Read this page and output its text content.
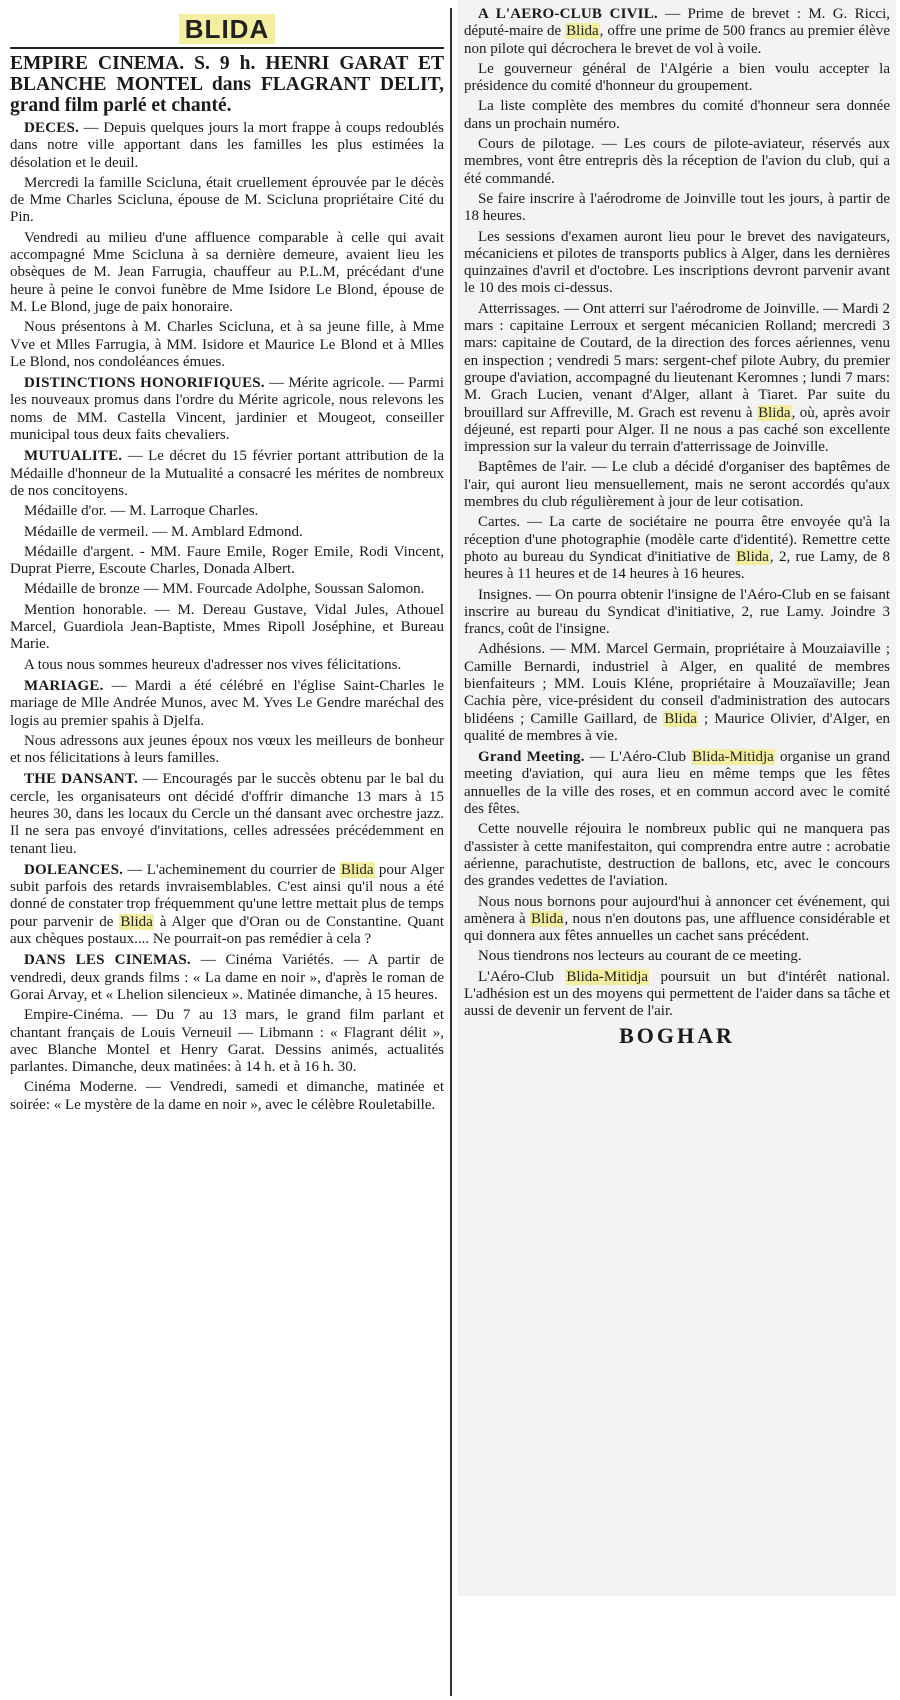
BLIDA
EMPIRE CINEMA. S. 9 h. HENRI GARAT ET BLANCHE MONTEL dans FLAGRANT DELIT, grand film parlé et chanté.
DECES. — Depuis quelques jours la mort frappe à coups redoublés dans notre ville apportant dans les familles les plus estimées la désolation et le deuil.
Mercredi la famille Scicluna, était cruellement éprouvée par le décès de Mme Charles Scicluna, épouse de M. Scicluna propriétaire Cité du Pin.
Vendredi au milieu d'une affluence comparable à celle qui avait accompagné Mme Scicluna à sa dernière demeure, avaient lieu les obsèques de M. Jean Farrugia, chauffeur au P.L.M, précédant d'une heure à peine le convoi funèbre de Mme Isidore Le Blond, épouse de M. Le Blond, juge de paix honoraire.
Nous présentons à M. Charles Scicluna, et à sa jeune fille, à Mme Vve et Mlles Farrugia, à MM. Isidore et Maurice Le Blond et à Mlles Le Blond, nos condoléances émues.
DISTINCTIONS HONORIFIQUES. — Mérite agricole. — Parmi les nouveaux promus dans l'ordre du Mérite agricole, nous relevons les noms de MM. Castella Vincent, jardinier et Mougeot, conseiller municipal tous deux faits chevaliers.
MUTUALITE. — Le décret du 15 février portant attribution de la Médaille d'honneur de la Mutualité a consacré les mérites de nombreux de nos concitoyens.
Médaille d'or. — M. Larroque Charles.
Médaille de vermeil. — M. Amblard Edmond.
Médaille d'argent. - MM. Faure Emile, Roger Emile, Rodi Vincent, Duprat Pierre, Escoute Charles, Donada Albert.
Médaille de bronze — MM. Fourcade Adolphe, Soussan Salomon.
Mention honorable. — M. Dereau Gustave, Vidal Jules, Athouel Marcel, Guardiola Jean-Baptiste, Mmes Ripoll Joséphine, et Bureau Marie.
A tous nous sommes heureux d'adresser nos vives félicitations.
MARIAGE. — Mardi a été célébré en l'église Saint-Charles le mariage de Mlle Andrée Munos, avec M. Yves Le Gendre maréchal des logis au premier spahis à Djelfa.
Nous adressons aux jeunes époux nos vœux les meilleurs de bonheur et nos félicitations à leurs familles.
THE DANSANT. — Encouragés par le succès obtenu par le bal du cercle, les organisateurs ont décidé d'offrir dimanche 13 mars à 15 heures 30, dans les locaux du Cercle un thé dansant avec orchestre jazz. Il ne sera pas envoyé d'invitations, celles adressées précédemment en tenant lieu.
DOLEANCES. — L'acheminement du courrier de Blida pour Alger subit parfois des retards invraisemblables. C'est ainsi qu'il nous a été donné de constater trop fréquemment qu'une lettre mettait plus de temps pour parvenir de Blida à Alger que d'Oran ou de Constantine. Quant aux chèques postaux.... Ne pourrait-on pas remédier à cela ?
DANS LES CINEMAS. — Cinéma Variétés. — A partir de vendredi, deux grands films : « La dame en noir », d'après le roman de Gorai Arvay, et « Lhelion silencieux ». Matinée dimanche, à 15 heures.
Empire-Cinéma. — Du 7 au 13 mars, le grand film parlant et chantant français de Louis Verneuil — Libmann : « Flagrant délit », avec Blanche Montel et Henry Garat. Dessins animés, actualités parlantes. Dimanche, deux matinées: à 14 h. et à 16 h. 30.
Cinéma Moderne. — Vendredi, samedi et dimanche, matinée et soirée: « Le mystère de la dame en noir », avec le célèbre Rouletabille.
A L'AERO-CLUB CIVIL. — Prime de brevet : M. G. Ricci, député-maire de Blida, offre une prime de 500 francs au premier élève non pilote qui décrochera le brevet de vol à voile.
Le gouverneur général de l'Algérie a bien voulu accepter la présidence du comité d'honneur du groupement.
La liste complète des membres du comité d'honneur sera donnée dans un prochain numéro.
Cours de pilotage. — Les cours de pilote-aviateur, réservés aux membres, vont être entrepris dès la réception de l'avion du club, qui a été commandé.
Se faire inscrire à l'aérodrome de Joinville tout les jours, à partir de 18 heures.
Les sessions d'examen auront lieu pour le brevet des navigateurs, mécaniciens et pilotes de transports publics à Alger, dans les dernières quinzaines d'avril et d'octobre. Les inscriptions devront parvenir avant le 10 des mois ci-dessus.
Atterrissages. — Ont atterri sur l'aérodrome de Joinville. — Mardi 2 mars : capitaine Lerroux et sergent mécanicien Rolland; mercredi 3 mars: capitaine de Coutard, de la direction des forces aériennes, venu en inspection ; vendredi 5 mars: sergent-chef pilote Aubry, du premier groupe d'aviation, accompagné du lieutenant Keromnes ; lundi 7 mars: M. Grach Lucien, venant d'Alger, allant à Tiaret. Par suite du brouillard sur Affreville, M. Grach est revenu à Blida, où, après avoir déjeuné, est reparti pour Alger. Il ne nous a pas caché son excellente impression sur la valeur du terrain d'atterrissage de Joinville.
Baptêmes de l'air. — Le club a décidé d'organiser des baptêmes de l'air, qui auront lieu mensuellement, mais ne seront accordés qu'aux membres du club régulièrement à jour de leur cotisation.
Cartes. — La carte de sociétaire ne pourra être envoyée qu'à la réception d'une photographie (modèle carte d'identité). Remettre cette photo au bureau du Syndicat d'initiative de Blida, 2, rue Lamy, de 8 heures à 11 heures et de 14 heures à 16 heures.
Insignes. — On pourra obtenir l'insigne de l'Aéro-Club en se faisant inscrire au bureau du Syndicat d'initiative, 2, rue Lamy. Joindre 3 francs, coût de l'insigne.
Adhésions. — MM. Marcel Germain, propriétaire à Mouzaiaville ; Camille Bernardi, industriel à Alger, en qualité de membres bienfaiteurs ; MM. Louis Kléne, propriétaire à Mouzaïaville; Jean Cachia père, vice-président du conseil d'administration des autocars blidéens ; Camille Gaillard, de Blida ; Maurice Olivier, d'Alger, en qualité de membres à vie.
Grand Meeting. — L'Aéro-Club Blida-Mitidja organise un grand meeting d'aviation, qui aura lieu en même temps que les fêtes annuelles de la ville des roses, et en commun accord avec le comité des fêtes.
Cette nouvelle réjouira le nombreux public qui ne manquera pas d'assister à cette manifestaiton, qui comprendra entre autre : acrobatie aérienne, parachutiste, destruction de ballons, etc, avec le concours des grandes vedettes de l'aviation.
Nous nous bornons pour aujourd'hui à annoncer cet événement, qui amènera à Blida, nous n'en doutons pas, une affluence considérable et qui donnera aux fêtes annuelles un cachet sans précédent.
Nous tiendrons nos lecteurs au courant de ce meeting.
L'Aéro-Club Blida-Mitidja poursuit un but d'intérêt national. L'adhésion est un des moyens qui permettent de l'aider dans sa tâche et aussi de devenir un fervent de l'air.
BOGHAR
